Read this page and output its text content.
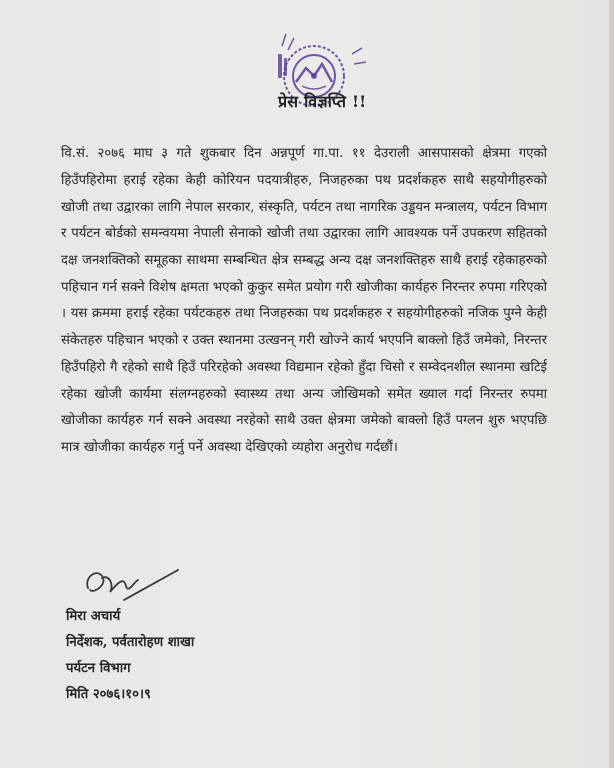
प्रेस विज्ञप्ति !!

वि.सं. २०७६ माघ ३ गते शुकबार दिन अन्नपूर्ण गा.पा. ११ देउराली आसपासको क्षेत्रमा गएको हिउँपहिरोमा हराई रहेका केही कोरियन पदयात्रीहरु, निजहरुका पथ प्रदर्शकहरु साथै सहयोगीहरुको खोजी तथा उद्वारका लागि नेपाल सरकार, संस्कृति, पर्यटन तथा नागरिक उड्डयन मन्त्रालय, पर्यटन विभाग र पर्यटन बोर्डको समन्वयमा नेपाली सेनाको खोजी तथा उद्वारका लागि आवश्यक पर्ने उपकरण सहितको दक्ष जनशक्तिको समूहका साथमा सम्बन्धित क्षेत्र सम्बद्ध अन्य दक्ष जनशक्तिहरु साथै हराई रहेकाहरुको पहिचान गर्न सक्ने विशेष क्षमता भएको कुकुर समेत प्रयोग गरी खोजीका कार्यहरु निरन्तर रुपमा गरिएको । यस क्रममा हराई रहेका पर्यटकहरु तथा निजहरुका पथ प्रदर्शकहरु र सहयोगीहरुको नजिक पुग्ने केही संकेतहरु पहिचान भएको र उक्त स्थानमा उत्खनन् गरी खोज्ने कार्य भएपनि बाक्लो हिउँ जमेको, निरन्तर हिउँपहिरो गै रहेको साथै हिउँ परिरहेको अवस्था विद्यमान रहेको हुँदा चिसो र सम्वेदनशील स्थानमा खटिई रहेका खोजी कार्यमा संलग्नहरुको स्वास्थ्य तथा अन्य जोखिमको समेत ख्याल गर्दा निरन्तर रुपमा खोजीका कार्यहरु गर्न सक्ने अवस्था नरहेको साथै उक्त क्षेत्रमा जमेको बाक्लो हिउँ पग्लन शुरु भएपछि मात्र खोजीका कार्यहरु गर्नु पर्ने अवस्था देखिएको व्यहोरा अनुरोध गर्दछौं।

मिरा अचार्य
निर्देशक, पर्वतारोहण शाखा
पर्यटन विभाग
मिति २०७६।१०।९
